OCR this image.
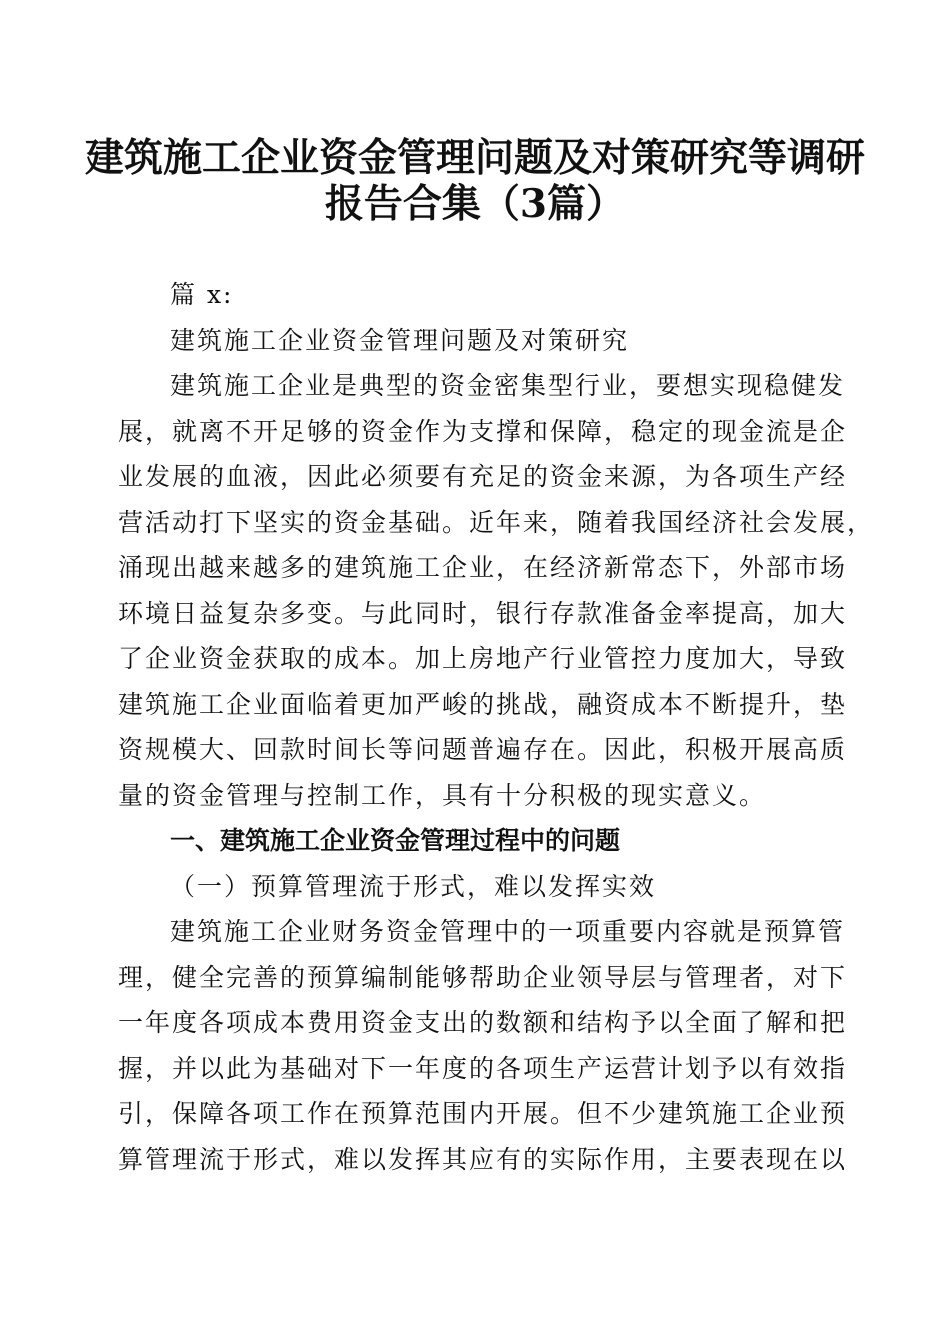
建筑施工企业资金管理问题及对策研究等调研
报告合集（3篇）
篇 x:
建筑施工企业资金管理问题及对策研究
建筑施工企业是典型的资金密集型行业，要想实现稳健发
展，就离不开足够的资金作为支撑和保障，稳定的现金流是企
业发展的血液，因此必须要有充足的资金来源，为各项生产经
营活动打下坚实的资金基础。近年来，随着我国经济社会发展，
涌现出越来越多的建筑施工企业，在经济新常态下，外部市场
环境日益复杂多变。与此同时，银行存款准备金率提高，加大
了企业资金获取的成本。加上房地产行业管控力度加大，导致
建筑施工企业面临着更加严峻的挑战，融资成本不断提升，垫
资规模大、回款时间长等问题普遍存在。因此，积极开展高质
量的资金管理与控制工作，具有十分积极的现实意义。
一、建筑施工企业资金管理过程中的问题
（一）预算管理流于形式，难以发挥实效
建筑施工企业财务资金管理中的一项重要内容就是预算管
理，健全完善的预算编制能够帮助企业领导层与管理者，对下
一年度各项成本费用资金支出的数额和结构予以全面了解和把
握，并以此为基础对下一年度的各项生产运营计划予以有效指
引，保障各项工作在预算范围内开展。但不少建筑施工企业预
算管理流于形式，难以发挥其应有的实际作用，主要表现在以
